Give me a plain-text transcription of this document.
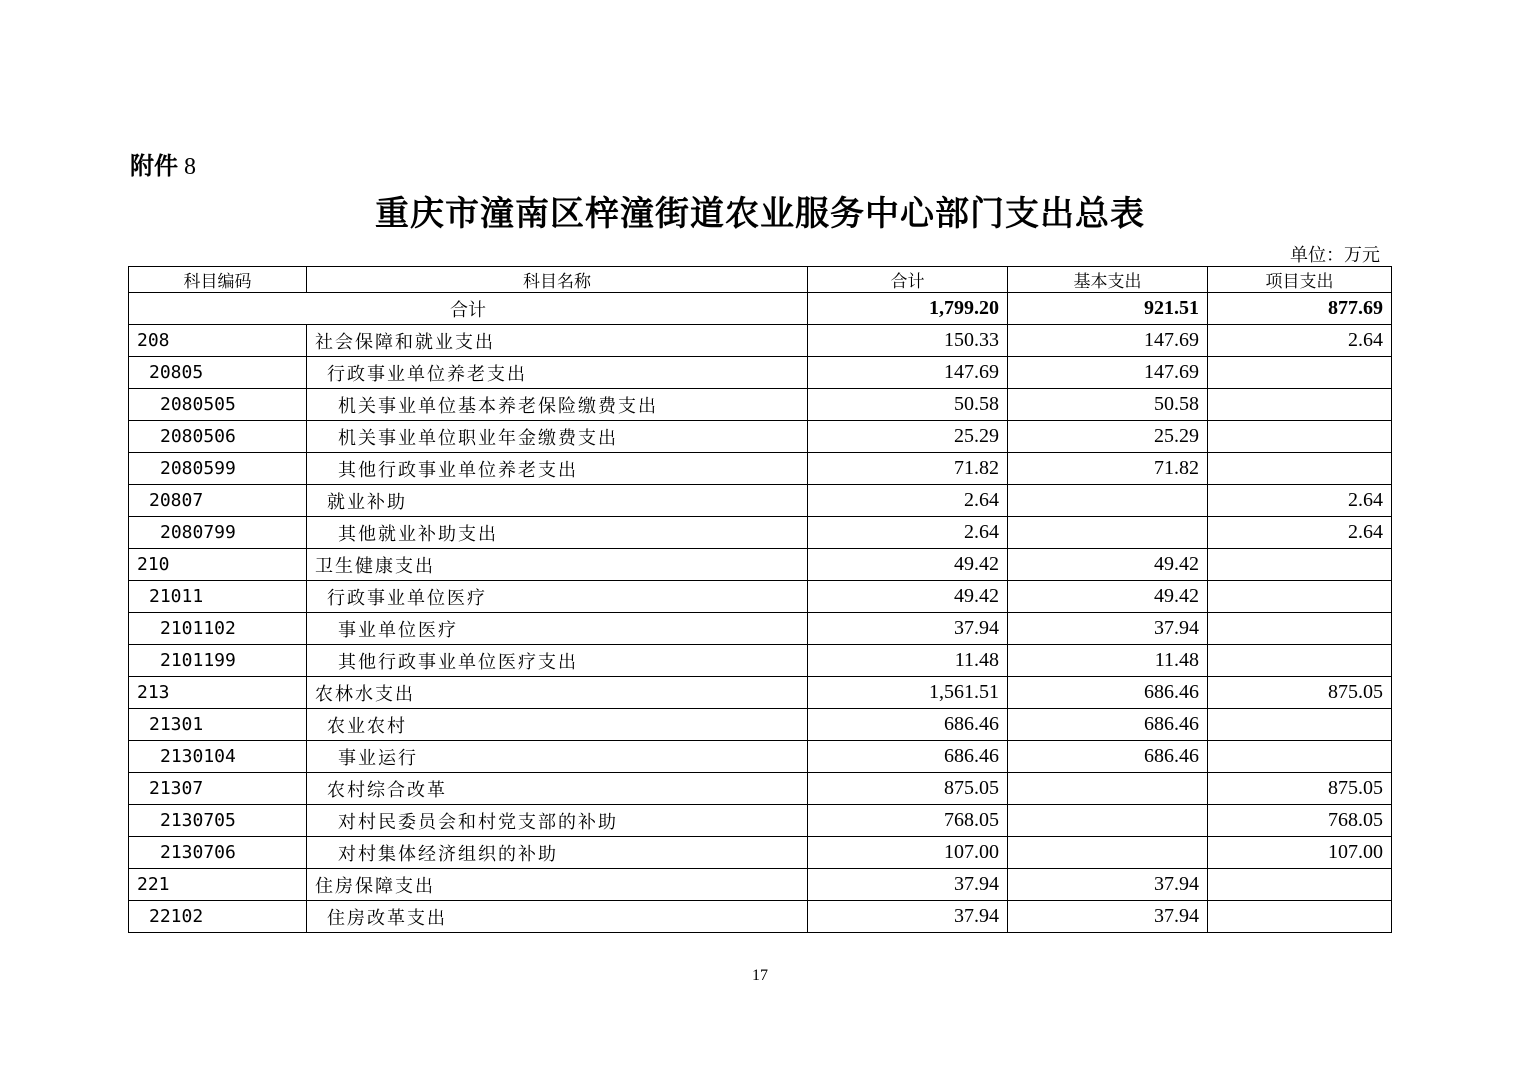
附件 8
重庆市潼南区梓潼街道农业服务中心部门支出总表
单位：万元
科目编码	科目名称	合计	基本支出	项目支出
合计		1,799.20	921.51	877.69
208	社会保障和就业支出	150.33	147.69	2.64
20805	行政事业单位养老支出	147.69	147.69	
2080505	机关事业单位基本养老保险缴费支出	50.58	50.58	
2080506	机关事业单位职业年金缴费支出	25.29	25.29	
2080599	其他行政事业单位养老支出	71.82	71.82	
20807	就业补助	2.64		2.64
2080799	其他就业补助支出	2.64		2.64
210	卫生健康支出	49.42	49.42	
21011	行政事业单位医疗	49.42	49.42	
2101102	事业单位医疗	37.94	37.94	
2101199	其他行政事业单位医疗支出	11.48	11.48	
213	农林水支出	1,561.51	686.46	875.05
21301	农业农村	686.46	686.46	
2130104	事业运行	686.46	686.46	
21307	农村综合改革	875.05		875.05
2130705	对村民委员会和村党支部的补助	768.05		768.05
2130706	对村集体经济组织的补助	107.00		107.00
221	住房保障支出	37.94	37.94	
22102	住房改革支出	37.94	37.94	
17
